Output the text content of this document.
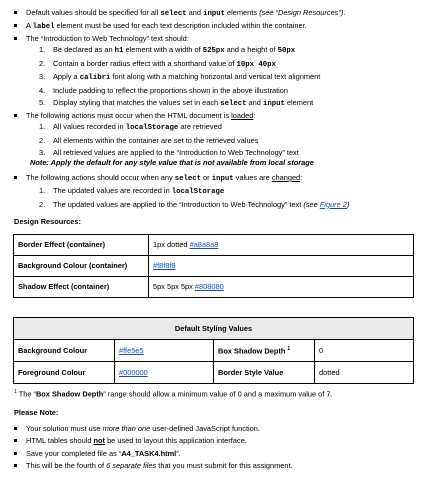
Default values should be specified for all select and input elements (see “Design Resources”).
A label element must be used for each text description included within the container.
The “Introduction to Web Technology” text should:
1. Be declared as an h1 element with a width of 525px and a height of 50px
2. Contain a border radius effect with a shorthand value of 10px 40px
3. Apply a calibri font along with a matching horizontal and vertical text alignment
4. Include padding to reflect the proportions shown in the above illustration
5. Display styling that matches the values set in each select and input element
The following actions must occur when the HTML document is loaded:
1. All values recorded in localStorage are retrieved
2. All elements within the container are set to the retrieved values
3. All retrieved values are applied to the “Introduction to Web Technology” text
Note: Apply the default for any style value that is not available from local storage
The following actions should occur when any select or input values are changed:
1. The updated values are recorded in localStorage
2. The updated values are applied to the “Introduction to Web Technology” text (see Figure 2)
Design Resources:
Border Effect (container)	1px dotted #a8a8a8
Background Colour (container)	#f8f8f8
Shadow Effect (container)	5px 5px 5px #808080
Default Styling Values			
Background Colour	#ffe5e5	Box Shadow Depth $^1$	0
Foreground Colour	#000000	Border Style Value	dotted
$^1$ The “Box Shadow Depth” range should allow a minimum value of 0 and a maximum value of 7.
Please Note:
Your solution must use more than one user-defined JavaScript function.
HTML tables should not be used to layout this application interface.
Save your completed file as “A4_TASK4.html”.
This will be the fourth of 6 separate files that you must submit for this assignment.
